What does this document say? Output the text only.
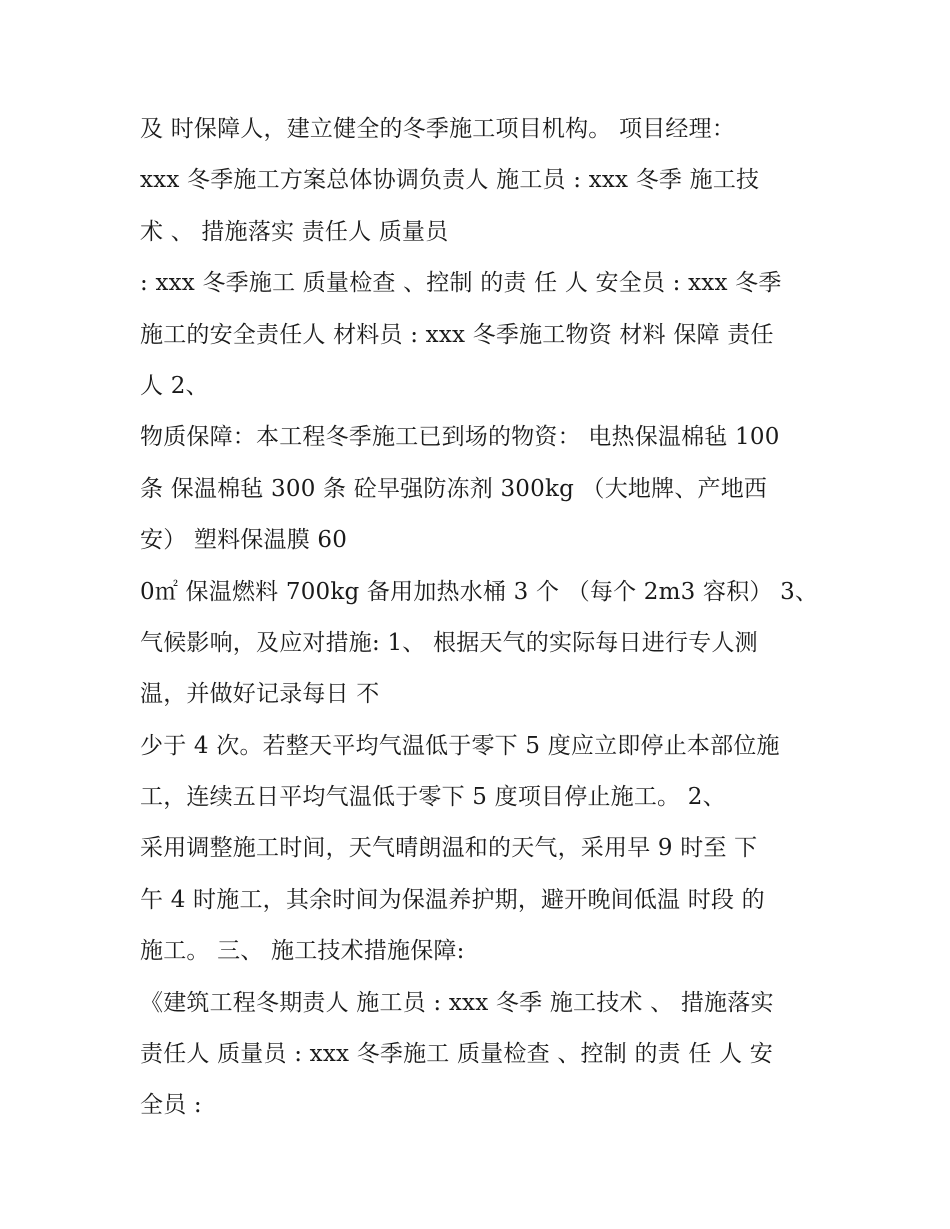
及 时保障人，建立健全的冬季施工项目机构。 项目经理：
xxx 冬季施工方案总体协调负责人 施工员 : xxx 冬季 施工技
术 、 措施落实 责任人 质量员
: xxx 冬季施工 质量检查 、控制 的责 任 人 安全员 : xxx 冬季
施工的安全责任人 材料员 : xxx 冬季施工物资 材料 保障 责任
人 2、
物质保障：本工程冬季施工已到场的物资： 电热保温棉毡 100
条 保温棉毡 300 条 砼早强防冻剂 300kg （大地牌、产地西
安） 塑料保温膜 60
0㎡ 保温燃料 700kg 备用加热水桶 3 个 （每个 2m3 容积） 3、
气候影响，及应对措施: 1、 根据天气的实际每日进行专人测
温，并做好记录每日 不
少于 4 次。若整天平均气温低于零下 5 度应立即停止本部位施
工，连续五日平均气温低于零下 5 度项目停止施工。 2、
采用调整施工时间，天气晴朗温和的天气，采用早 9 时至 下
午 4 时施工，其余时间为保温养护期，避开晚间低温 时段 的
施工。 三、 施工技术措施保障:
《建筑工程冬期责人 施工员 : xxx 冬季 施工技术 、 措施落实
责任人 质量员 : xxx 冬季施工 质量检查 、控制 的责 任 人 安
全员 :
